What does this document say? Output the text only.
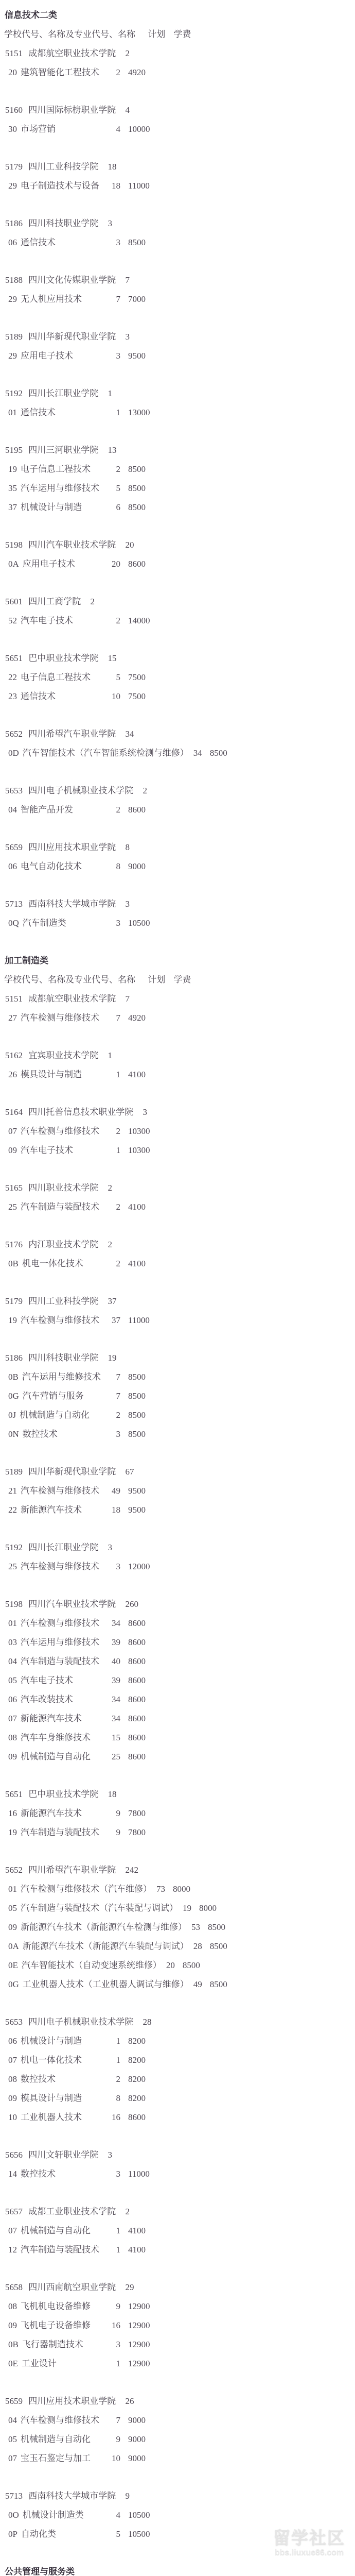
信息技术二类
学校代号、名称及专业代号、名称 计划 学费
5151 成都航空职业技术学院 2
20 建筑智能化工程技术	2 4920
5160 四川国际标榜职业学院 4
30 市场营销	4 10000
5179 四川工业科技学院 18
29 电子制造技术与设备	18 11000
5186 四川科技职业学院 3
06 通信技术	3 8500
5188 四川文化传媒职业学院 7
29 无人机应用技术	7 7000
5189 四川华新现代职业学院 3
29 应用电子技术	3 9500
5192 四川长江职业学院 1
01 通信技术	1 13000
5195 四川三河职业学院 13
19 电子信息工程技术	2 8500
35 汽车运用与维修技术	5 8500
37 机械设计与制造	6 8500
5198 四川汽车职业技术学院 20
0A 应用电子技术	20 8600
5601 四川工商学院 2
52 汽车电子技术	2 14000
5651 巴中职业技术学院 15
22 电子信息工程技术	5 7500
23 通信技术	10 7500
5652 四川希望汽车职业学院 34
0D 汽车智能技术（汽车智能系统检测与维修） 34 8500
5653 四川电子机械职业技术学院 2
04 智能产品开发	2 8600
5659 四川应用技术职业学院 8
06 电气自动化技术	8 9000
5713 西南科技大学城市学院 3
0Q 汽车制造类	3 10500
加工制造类
学校代号、名称及专业代号、名称 计划 学费
5151 成都航空职业技术学院 7
27 汽车检测与维修技术	7 4920
5162 宜宾职业技术学院 1
26 模具设计与制造	1 4100
5164 四川托普信息技术职业学院 3
07 汽车检测与维修技术	2 10300
09 汽车电子技术	1 10300
5165 四川职业技术学院 2
25 汽车制造与装配技术	2 4100
5176 内江职业技术学院 2
0B 机电一体化技术	2 4100
5179 四川工业科技学院 37
19 汽车检测与维修技术	37 11000
5186 四川科技职业学院 19
0B 汽车运用与维修技术	7 8500
0G 汽车营销与服务	7 8500
0J 机械制造与自动化	2 8500
0N 数控技术	3 8500
5189 四川华新现代职业学院 67
21 汽车检测与维修技术	49 9500
22 新能源汽车技术	18 9500
5192 四川长江职业学院 3
25 汽车检测与维修技术	3 12000
5198 四川汽车职业技术学院 260
01 汽车检测与维修技术	34 8600
03 汽车运用与维修技术	39 8600
04 汽车制造与装配技术	40 8600
05 汽车电子技术	39 8600
06 汽车改装技术	34 8600
07 新能源汽车技术	34 8600
08 汽车车身维修技术	15 8600
09 机械制造与自动化	25 8600
5651 巴中职业技术学院 18
16 新能源汽车技术	9 7800
19 汽车制造与装配技术	9 7800
5652 四川希望汽车职业学院 242
01 汽车检测与维修技术（汽车维修） 73 8000
05 汽车制造与装配技术（汽车装配与调试） 19 8000
09 新能源汽车技术（新能源汽车检测与维修） 53 8500
0A 新能源汽车技术（新能源汽车装配与调试） 28 8500
0E 汽车智能技术（自动变速系统维修） 20 8500
0G 工业机器人技术（工业机器人调试与维修） 49 8500
5653 四川电子机械职业技术学院 28
06 机械设计与制造	1 8200
07 机电一体化技术	1 8200
08 数控技术	2 8200
09 模具设计与制造	8 8200
10 工业机器人技术	16 8600
5656 四川文轩职业学院 3
14 数控技术	3 11000
5657 成都工业职业技术学院 2
07 机械制造与自动化	1 4100
12 汽车制造与装配技术	1 4100
5658 四川西南航空职业学院 29
08 飞机机电设备维修	9 12900
09 飞机电子设备维修	16 12900
0B 飞行器制造技术	3 12900
0E 工业设计	1 12900
5659 四川应用技术职业学院 26
04 汽车检测与维修技术	7 9000
05 机械制造与自动化	9 9000
07 宝玉石鉴定与加工	10 9000
5713 西南科技大学城市学院 9
0O 机械设计制造类	4 10500
0P 自动化类	5 10500
公共管理与服务类
留学社区
bbs.liuxue86.com
